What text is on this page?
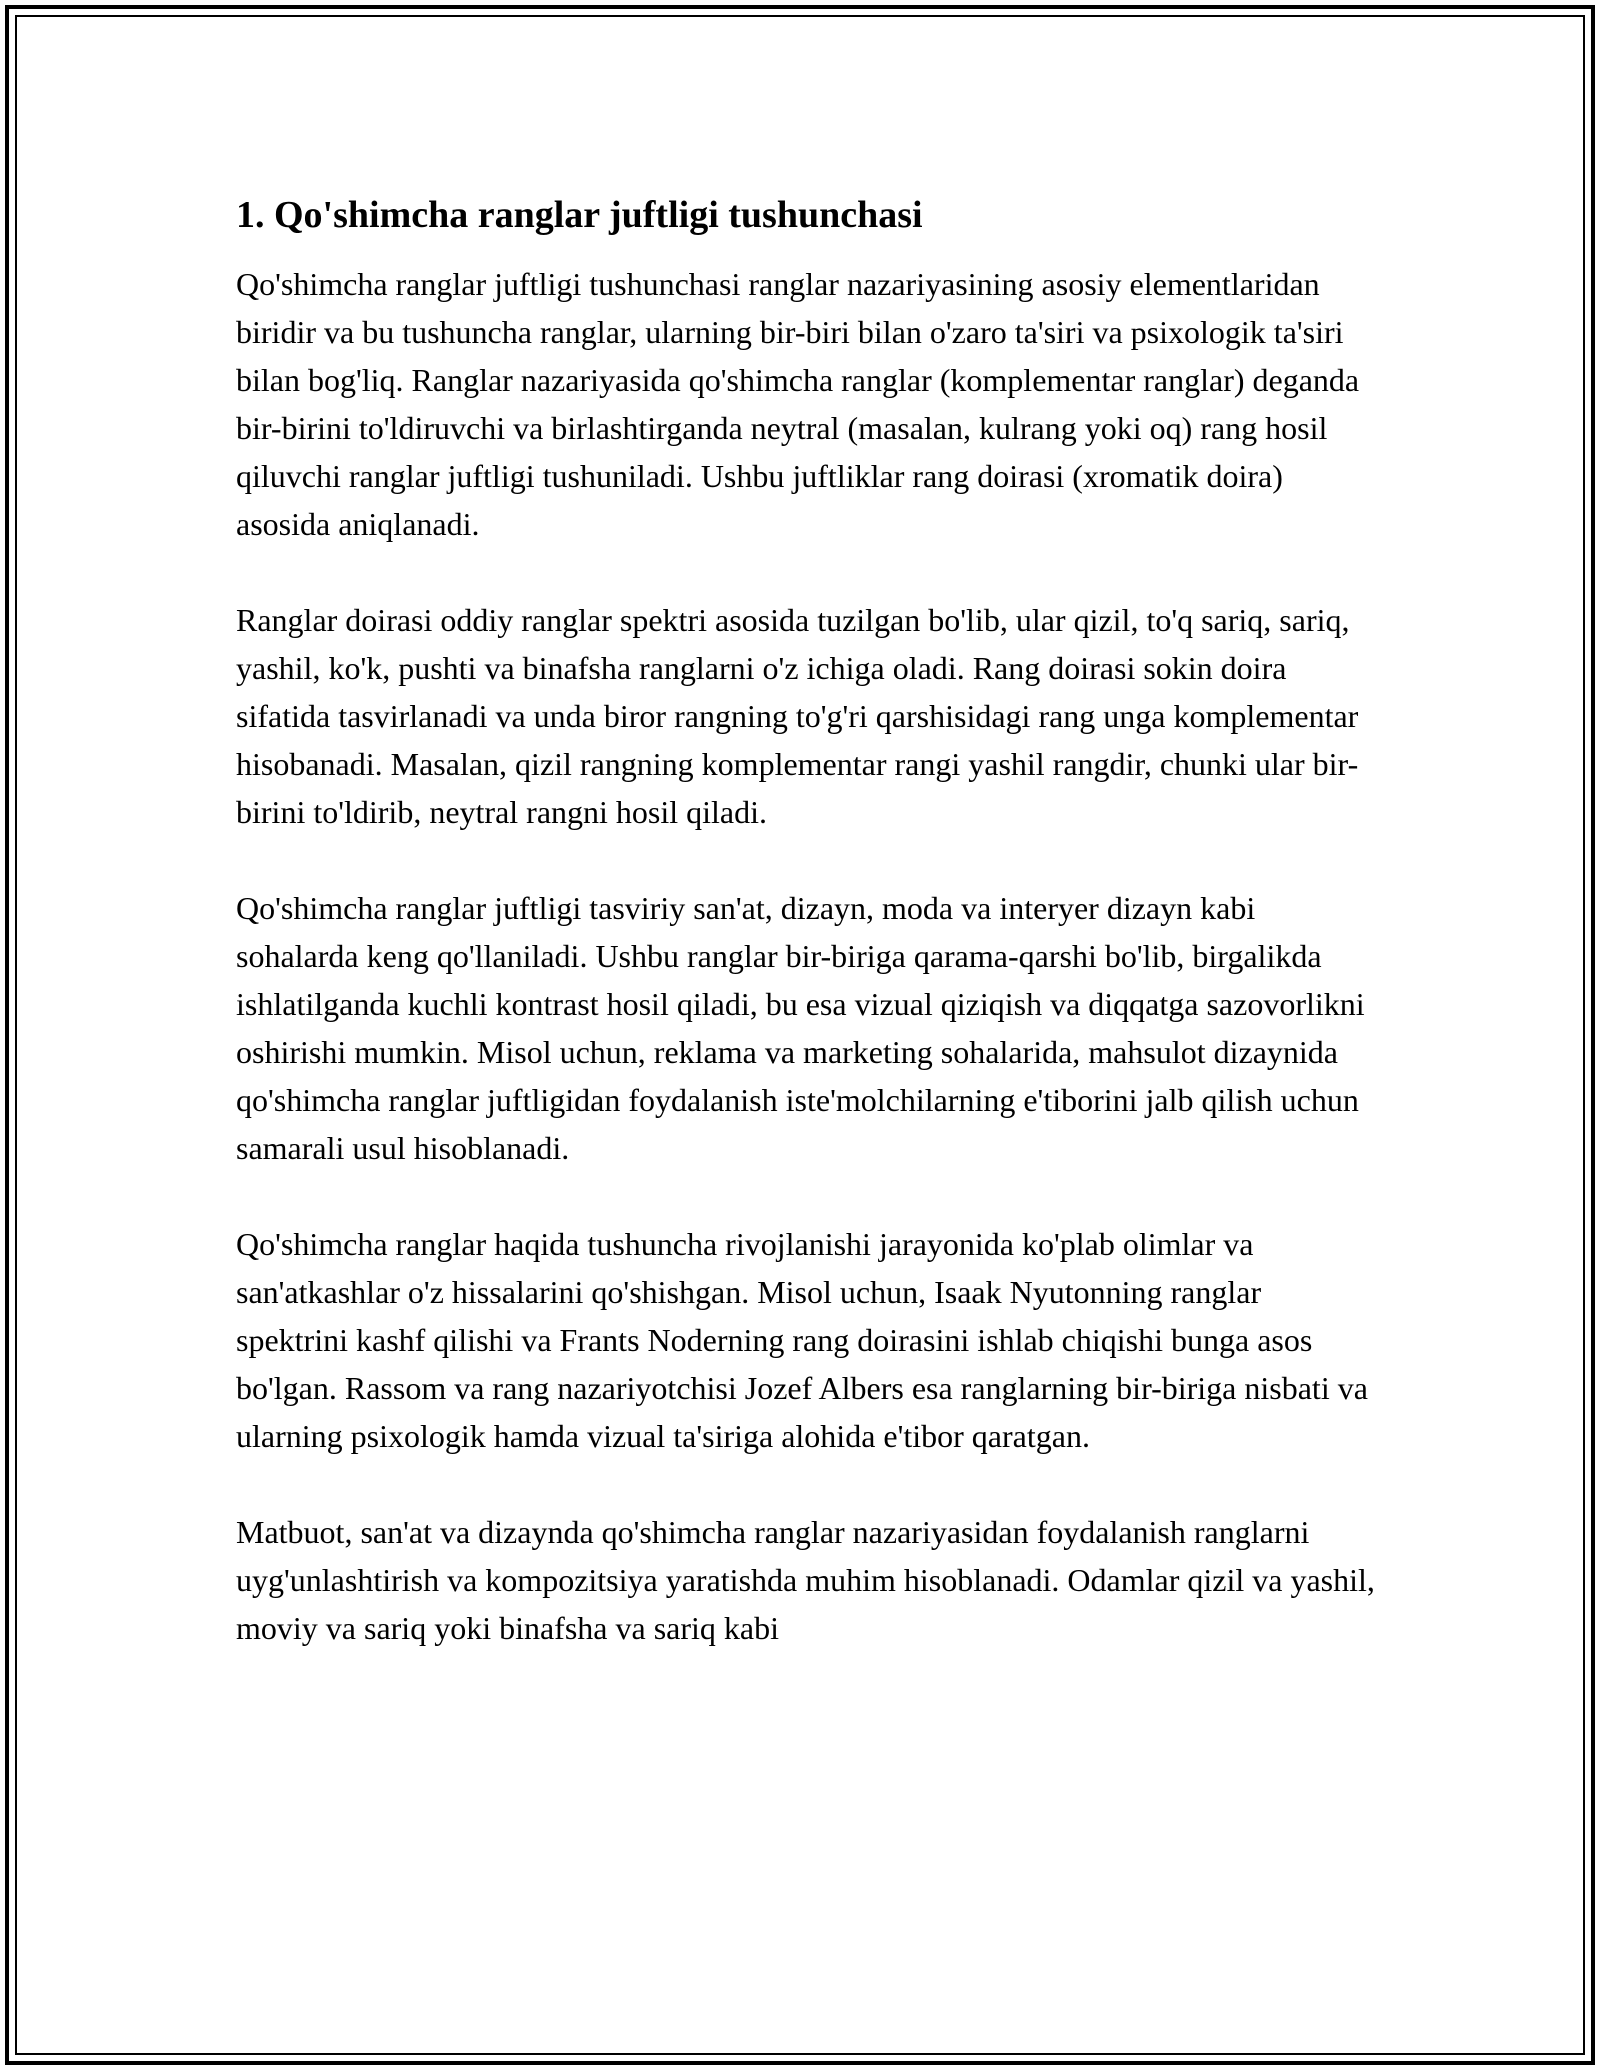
1. Qo'shimcha ranglar juftligi tushunchasi

Qo'shimcha ranglar juftligi tushunchasi ranglar nazariyasining asosiy elementlaridan biridir va bu tushuncha ranglar, ularning bir-biri bilan o'zaro ta'siri va psixologik ta'siri bilan bog'liq. Ranglar nazariyasida qo'shimcha ranglar (komplementar ranglar) deganda bir-birini to'ldiruvchi va birlashtirganda neytral (masalan, kulrang yoki oq) rang hosil qiluvchi ranglar juftligi tushuniladi. Ushbu juftliklar rang doirasi (xromatik doira) asosida aniqlanadi.

Ranglar doirasi oddiy ranglar spektri asosida tuzilgan bo'lib, ular qizil, to'q sariq, sariq, yashil, ko'k, pushti va binafsha ranglarni o'z ichiga oladi. Rang doirasi sokin doira sifatida tasvirlanadi va unda biror rangning to'g'ri qarshisidagi rang unga komplementar hisobanadi. Masalan, qizil rangning komplementar rangi yashil rangdir, chunki ular bir-birini to'ldirib, neytral rangni hosil qiladi.

Qo'shimcha ranglar juftligi tasviriy san'at, dizayn, moda va interyer dizayn kabi sohalarda keng qo'llaniladi. Ushbu ranglar bir-biriga qarama-qarshi bo'lib, birgalikda ishlatilganda kuchli kontrast hosil qiladi, bu esa vizual qiziqish va diqqatga sazovorlikni oshirishi mumkin. Misol uchun, reklama va marketing sohalarida, mahsulot dizaynida qo'shimcha ranglar juftligidan foydalanish iste'molchilarning e'tiborini jalb qilish uchun samarali usul hisoblanadi.

Qo'shimcha ranglar haqida tushuncha rivojlanishi jarayonida ko'plab olimlar va san'atkashlar o'z hissalarini qo'shishgan. Misol uchun, Isaak Nyutonning ranglar spektrini kashf qilishi va Frants Noderning rang doirasini ishlab chiqishi bunga asos bo'lgan. Rassom va rang nazariyotchisi Jozef Albers esa ranglarning bir-biriga nisbati va ularning psixologik hamda vizual ta'siriga alohida e'tibor qaratgan.

Matbuot, san'at va dizaynda qo'shimcha ranglar nazariyasidan foydalanish ranglarni uyg'unlashtirish va kompozitsiya yaratishda muhim hisoblanadi. Odamlar qizil va yashil, moviy va sariq yoki binafsha va sariq kabi
